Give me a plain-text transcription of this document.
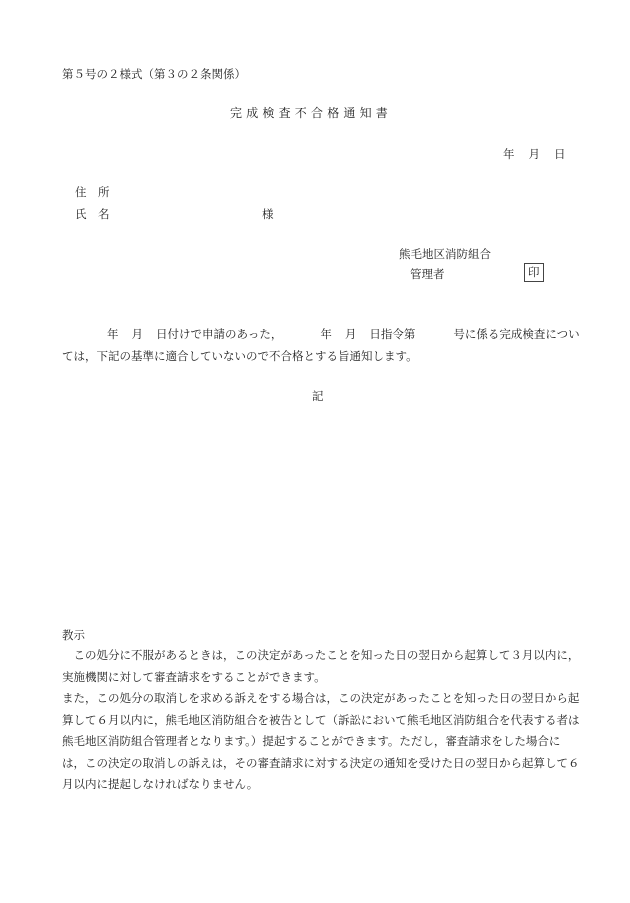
第５号の２様式（第３の２条関係）
完成検査不合格通知書
年 月 日
住　所
氏　名	様
熊毛地区消防組合
管理者	印
年 月 日付けで申請のあった，	年 月 日指令第	号に係る完成検査につい
ては，下記の基準に適合していないので不合格とする旨通知します。
記
教示

この処分に不服があるときは，この決定があったことを知った日の翌日から起算して３月以内に，実施機関に対して審査請求をすることができます。

また，この処分の取消しを求める訴えをする場合は，この決定があったことを知った日の翌日から起算して６月以内に，熊毛地区消防組合を被告として（訴訟において熊毛地区消防組合を代表する者は熊毛地区消防組合管理者となります。）提起することができます。ただし，審査請求をした場合には，この決定の取消しの訴えは，その審査請求に対する決定の通知を受けた日の翌日から起算して６月以内に提起しなければなりません。
